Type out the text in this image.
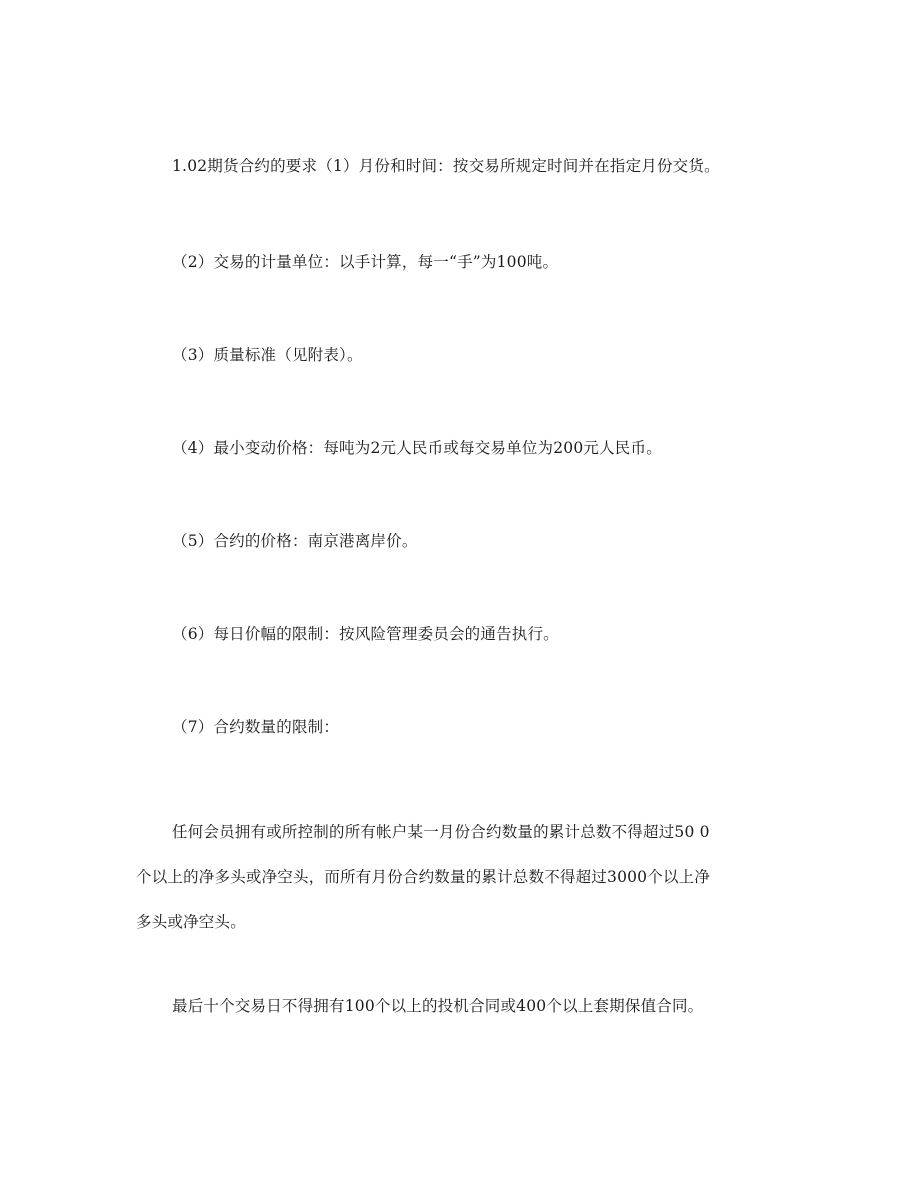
1.02期货合约的要求（1）月份和时间：按交易所规定时间并在指定月份交货。
（2）交易的计量单位：以手计算，每一“手”为100吨。
（3）质量标准（见附表）。
（4）最小变动价格：每吨为2元人民币或每交易单位为200元人民币。
（5）合约的价格：南京港离岸价。
（6）每日价幅的限制：按风险管理委员会的通告执行。
（7）合约数量的限制：
任何会员拥有或所控制的所有帐户某一月份合约数量的累计总数不得超过50 0
个以上的净多头或净空头，而所有月份合约数量的累计总数不得超过3000个以上净
多头或净空头。
最后十个交易日不得拥有100个以上的投机合同或400个以上套期保值合同。
